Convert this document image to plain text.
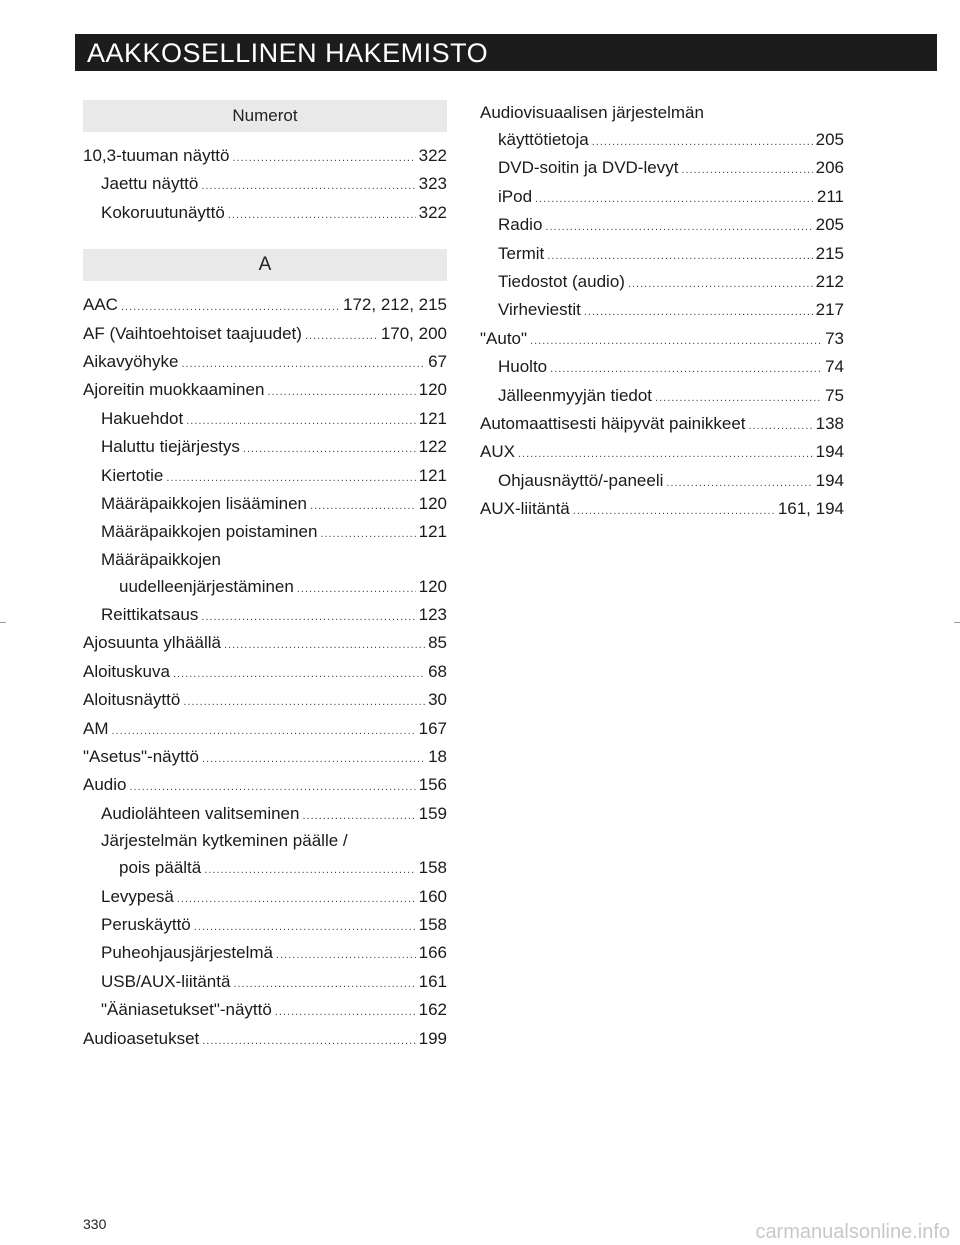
AAKKOSELLINEN HAKEMISTO
Numerot
10,3-tuuman näyttö .....	322
Jaettu näyttö .....	323
Kokoruutunäyttö .....	322
A
AAC .....	172, 212, 215
AF (Vaihtoehtoiset taajuudet) .....	170, 200
Aikavyöhyke .....	67
Ajoreitin muokkaaminen .....	120
Hakuehdot .....	121
Haluttu tiejärjestys .....	122
Kiertotie .....	121
Määräpaikkojen lisääminen .....	120
Määräpaikkojen poistaminen .....	121
Määräpaikkojen
uudelleenjärjestäminen .....	120
Reittikatsaus .....	123
Ajosuunta ylhäällä .....	85
Aloituskuva .....	68
Aloitusnäyttö .....	30
AM .....	167
"Asetus"-näyttö .....	18
Audio .....	156
Audiolähteen valitseminen .....	159
Järjestelmän kytkeminen päälle /
pois päältä .....	158
Levypesä .....	160
Peruskäyttö .....	158
Puheohjausjärjestelmä .....	166
USB/AUX-liitäntä .....	161
"Ääniasetukset"-näyttö .....	162
Audioasetukset .....	199
Audiovisuaalisen järjestelmän
käyttötietoja .....	205
DVD-soitin ja DVD-levyt .....	206
iPod .....	211
Radio .....	205
Termit .....	215
Tiedostot (audio) .....	212
Virheviestit .....	217
"Auto" .....	73
Huolto .....	74
Jälleenmyyjän tiedot .....	75
Automaattisesti häipyvät painikkeet .....	138
AUX .....	194
Ohjausnäyttö/-paneeli .....	194
AUX-liitäntä .....	161, 194
330	carmanualsonline.info
